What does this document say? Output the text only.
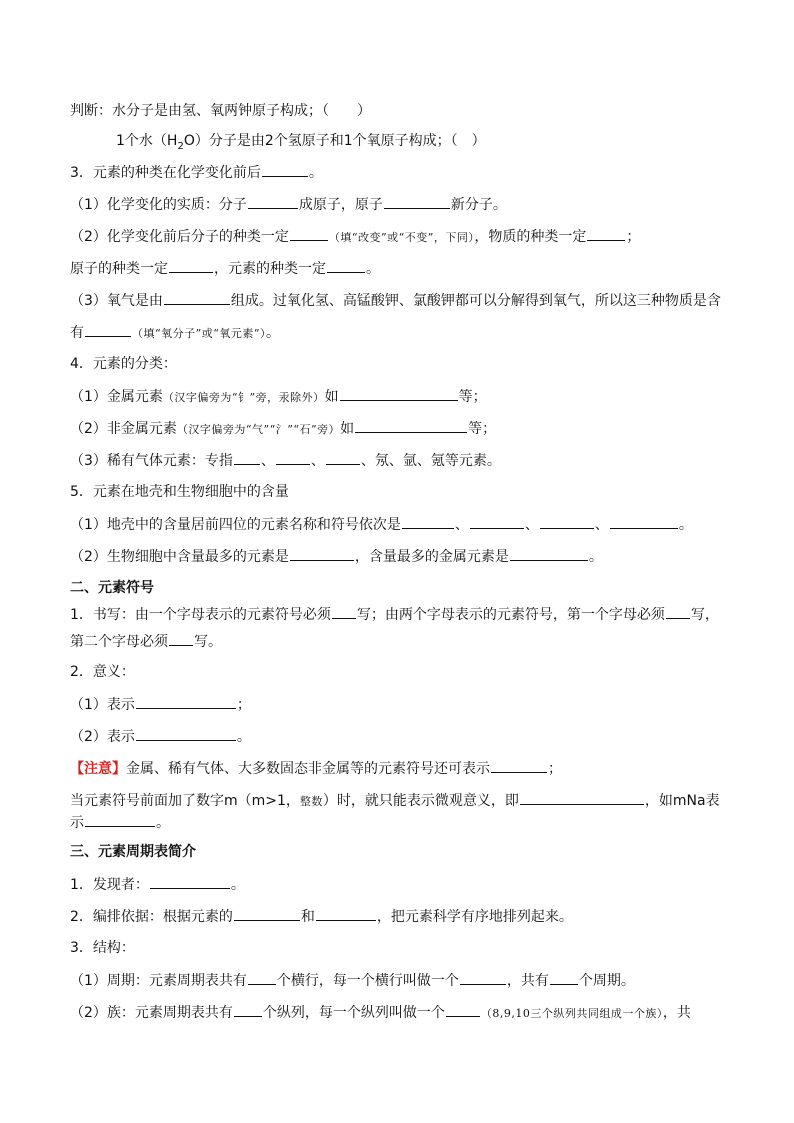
判断：水分子是由氢、氧两钟原子构成；（　　）
1个水$(H_2O)$分子是由2个氢原子和1个氧原子构成；（　）
3．元素的种类在化学变化前后	。
（1）化学变化的实质：分子	成原子，原子	新分子。
（2）化学变化前后分子的种类一定	（填“改变”或“不变”，下同），物质的种类一定	；
原子的种类一定	，元素的种类一定	。
（3）氧气是由	组成。过氧化氢、高锰酸钾、氯酸钾都可以分解得到氧气，所以这三种物质是含
有	（填“氧分子”或“氧元素”）。
4．元素的分类：
（1）金属元素（汉字偏旁为“钅”旁，汞除外）如	等；
（2）非金属元素（汉字偏旁为“气”“氵”“石”旁）如	等；
（3）稀有气体元素：专指 、	、	、氖、氩、氪等元素。
5．元素在地壳和生物细胞中的含量
（1）地壳中的含量居前四位的元素名称和符号依次是	、	、	、	。
（2）生物细胞中含量最多的元素是	，含量最多的金属元素是	。
二、元素符号
1．书写：由一个字母表示的元素符号必须 写；由两个字母表示的元素符号，第一个字母必须 写，
第二个字母必须 写。
2．意义：
（1）表示	；
（2）表示	。
【注意】金属、稀有气体、大多数固态非金属等的元素符号还可表示	；
当元素符号前面加了数字m（m>1，整数）时，就只能表示微观意义，即	，如mNa表
示	。
三、元素周期表简介
1．发现者：	。
2．编排依据：根据元素的	和	，把元素科学有序地排列起来。
3．结构：
（1）周期：元素周期表共有 个横行，每一个横行叫做一个	，共有 个周期。
（2）族：元素周期表共有 个纵列，每一个纵列叫做一个	（8,9,10三个纵列共同组成一个族），共
